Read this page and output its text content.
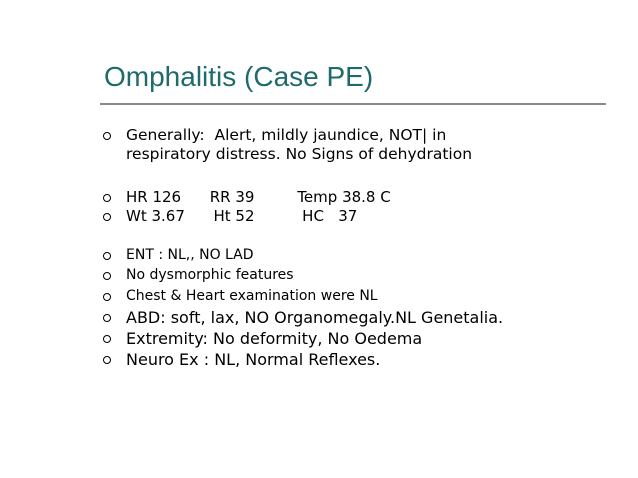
Omphalitis (Case PE)
Generally:  Alert, mildly jaundice, NOT| in
respiratory distress. No Signs of dehydration
HR 126      RR 39         Temp 38.8 C
Wt 3.67      Ht 52          HC   37
ENT : NL,, NO LAD
No dysmorphic features
Chest & Heart examination were NL
ABD: soft, lax, NO Organomegaly.NL Genetalia.
Extremity: No deformity, No Oedema
Neuro Ex : NL, Normal Reflexes.
